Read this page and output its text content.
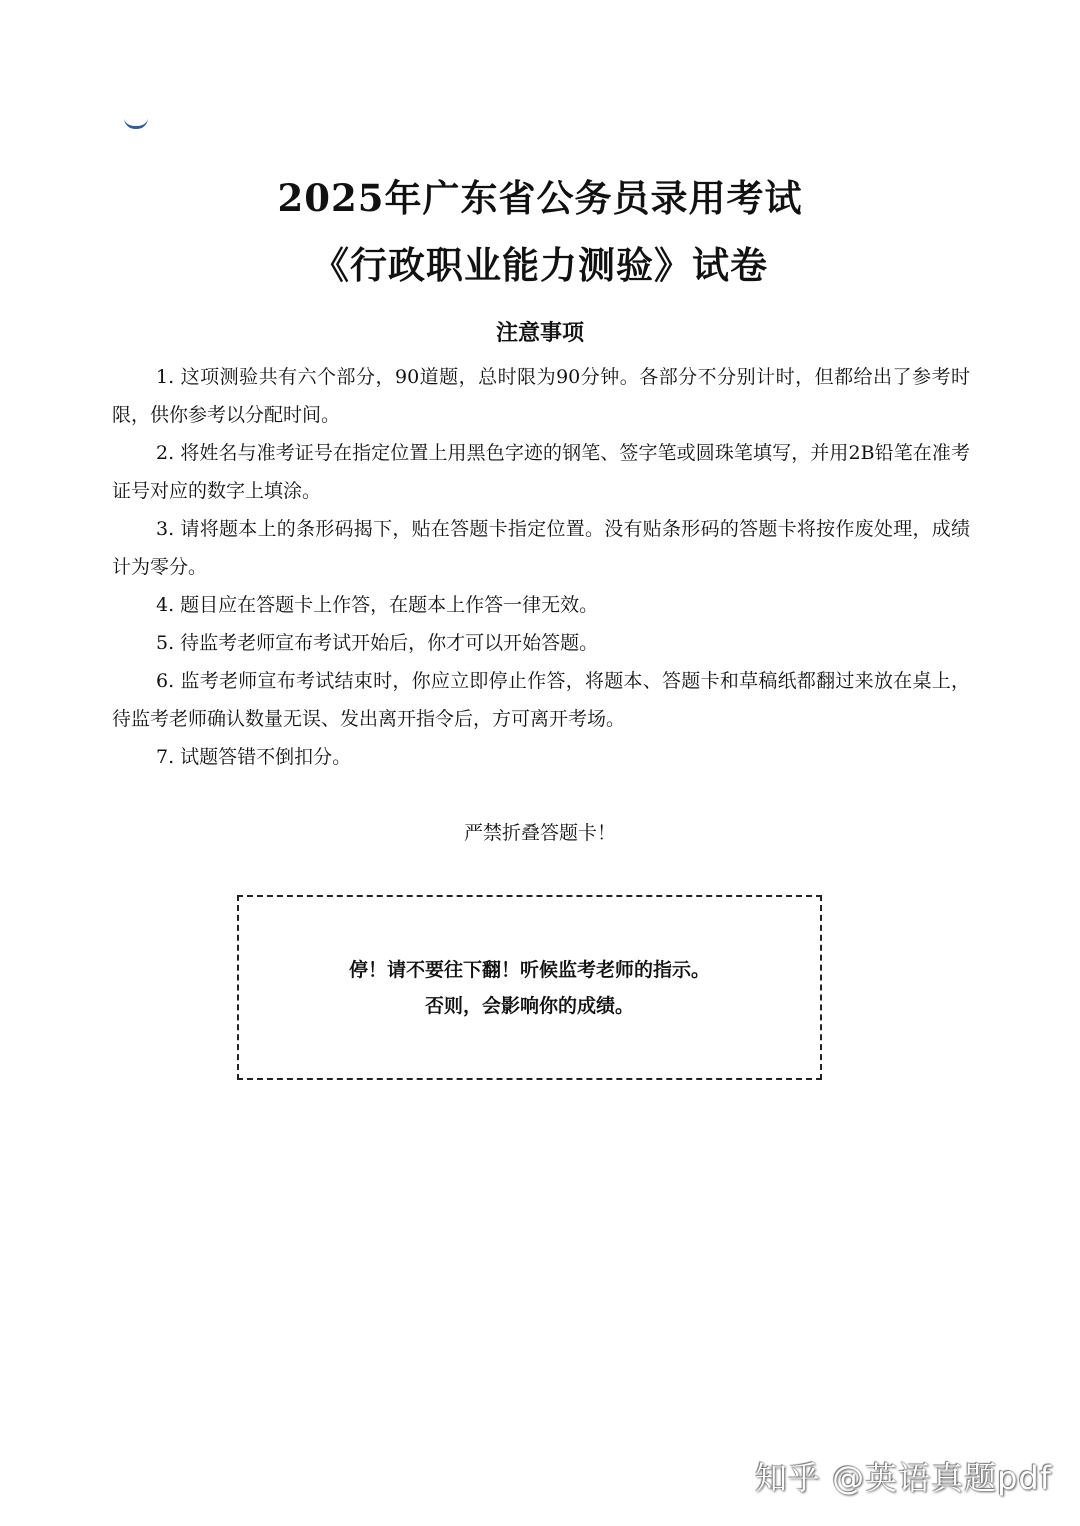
2025年广东省公务员录用考试
《行政职业能力测验》试卷
注意事项

1. 这项测验共有六个部分，90道题，总时限为90分钟。各部分不分别计时，但都给出了参考时限，供你参考以分配时间。

2. 将姓名与准考证号在指定位置上用黑色字迹的钢笔、签字笔或圆珠笔填写，并用2B铅笔在准考证号对应的数字上填涂。

3. 请将题本上的条形码揭下，贴在答题卡指定位置。没有贴条形码的答题卡将按作废处理，成绩计为零分。

4. 题目应在答题卡上作答，在题本上作答一律无效。

5. 待监考老师宣布考试开始后，你才可以开始答题。

6. 监考老师宣布考试结束时，你应立即停止作答，将题本、答题卡和草稿纸都翻过来放在桌上，待监考老师确认数量无误、发出离开指令后，方可离开考场。

7. 试题答错不倒扣分。

严禁折叠答题卡！
停！请不要往下翻！听候监考老师的指示。
否则，会影响你的成绩。
知乎 @英语真题pdf
